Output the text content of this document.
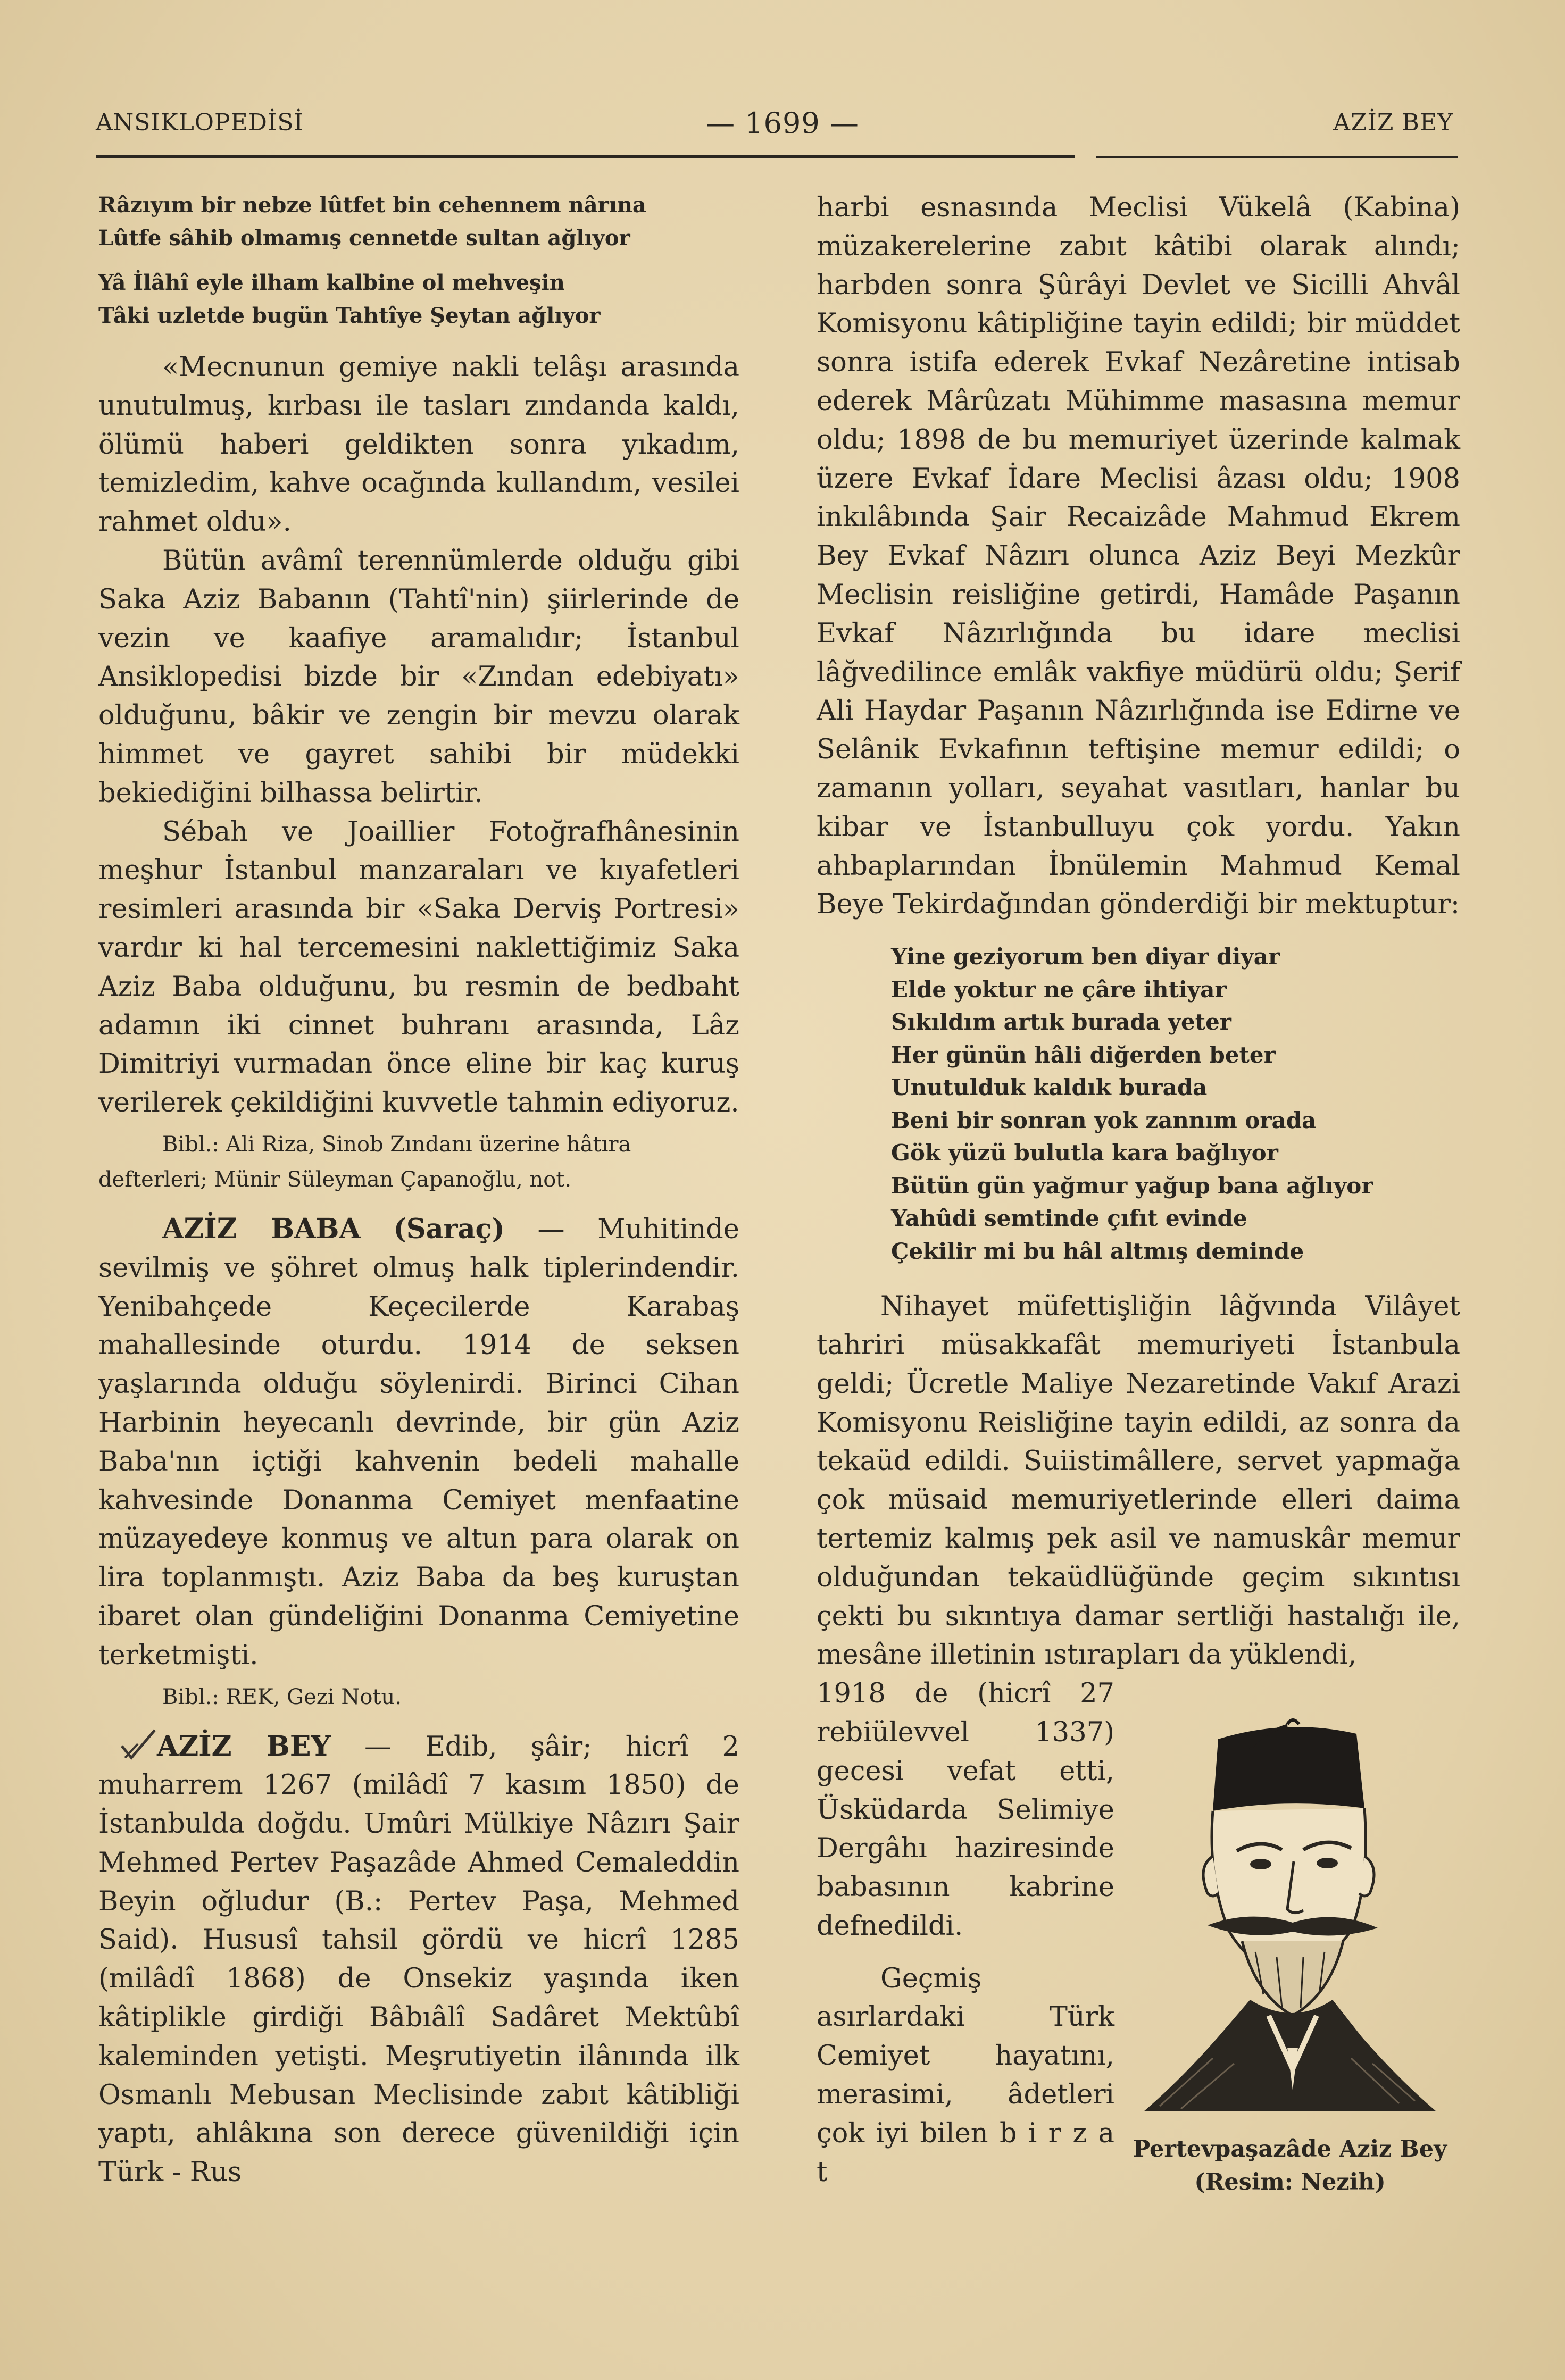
ANSIKLOPEDİSİ	— 1699 —	AZİZ BEY

Râzıyım bir nebze lûtfet bin cehennem nârına

Lûtfe sâhib olmamış cennetde sultan ağlıyor

Yâ İlâhî eyle ilham kalbine ol mehveşin

Tâki uzletde bugün Tahtîye Şeytan ağlıyor

«Mecnunun gemiye nakli telâşı arasında unutulmuş, kırbası ile tasları zındanda kaldı, ölümü haberi geldikten sonra yıkadım, temizledim, kahve ocağında kullandım, vesilei rahmet oldu».

Bütün avâmî terennümlerde olduğu gibi Saka Aziz Babanın (Tahtî'nin) şiirlerinde de vezin ve kaafiye aramalıdır; İstanbul Ansiklopedisi bizde bir «Zından edebiyatı» olduğunu, bâkir ve zengin bir mevzu olarak himmet ve gayret sahibi bir müdekki bekiediğini bilhassa belirtir.

Sébah ve Joaillier Fotoğrafhânesinin meşhur İstanbul manzaraları ve kıyafetleri resimleri arasında bir «Saka Derviş Portresi» vardır ki hal tercemesini naklettiğimiz Saka Aziz Baba olduğunu, bu resmin de bedbaht adamın iki cinnet buhranı arasında, Lâz Dimitriyi vurmadan önce eline bir kaç kuruş verilerek çekildiğini kuvvetle tahmin ediyoruz.

Bibl.: Ali Riza, Sinob Zındanı üzerine hâtıra defterleri; Münir Süleyman Çapanoğlu, not.

AZİZ BABA (Saraç) — Muhitinde sevilmiş ve şöhret olmuş halk tiplerindendir. Yenibahçede Keçecilerde Karabaş mahallesinde oturdu. 1914 de seksen yaşlarında olduğu söylenirdi. Birinci Cihan Harbinin heyecanlı devrinde, bir gün Aziz Baba'nın içtiği kahvenin bedeli mahalle kahvesinde Donanma Cemiyet menfaatine müzayedeye konmuş ve altun para olarak on lira toplanmıştı. Aziz Baba da beş kuruştan ibaret olan gündeliğini Donanma Cemiyetine terketmişti.

Bibl.: REK, Gezi Notu.

AZİZ BEY — Edib, şâir; hicrî 2 muharrem 1267 (milâdî 7 kasım 1850) de İstanbulda doğdu. Umûri Mülkiye Nâzırı Şair Mehmed Pertev Paşazâde Ahmed Cemaleddin Beyin oğludur (B.: Pertev Paşa, Mehmed Said). Hususî tahsil gördü ve hicrî 1285 (milâdî 1868) de Onsekiz yaşında iken kâtiplikle girdiği Bâbıâlî Sadâret Mektûbî kaleminden yetişti. Meşrutiyetin ilânında ilk Osmanlı Mebusan Meclisinde zabıt kâtibliği yaptı, ahlâkına son derece güvenildiği için Türk - Rus

harbi esnasında Meclisi Vükelâ (Kabina) müzakerelerine zabıt kâtibi olarak alındı; harbden sonra Şûrâyi Devlet ve Sicilli Ahvâl Komisyonu kâtipliğine tayin edildi; bir müddet sonra istifa ederek Evkaf Nezâretine intisab ederek Mârûzatı Mühimme masasına memur oldu; 1898 de bu memuriyet üzerinde kalmak üzere Evkaf İdare Meclisi âzası oldu; 1908 inkılâbında Şair Recaizâde Mahmud Ekrem Bey Evkaf Nâzırı olunca Aziz Beyi Mezkûr Meclisin reisliğine getirdi, Hamâde Paşanın Evkaf Nâzırlığında bu idare meclisi lâğvedilince emlâk vakfiye müdürü oldu; Şerif Ali Haydar Paşanın Nâzırlığında ise Edirne ve Selânik Evkafının teftişine memur edildi; o zamanın yolları, seyahat vasıtları, hanlar bu kibar ve İstanbulluyu çok yordu. Yakın ahbaplarından İbnülemin Mahmud Kemal Beye Tekirdağından gönderdiği bir mektuptur:

Yine geziyorum ben diyar diyar
Elde yoktur ne çâre ihtiyar
Sıkıldım artık burada yeter
Her günün hâli diğerden beter
Unutulduk kaldık burada
Beni bir sonran yok zannım orada
Gök yüzü bulutla kara bağlıyor
Bütün gün yağmur yağup bana ağlıyor
Yahûdi semtinde çıfıt evinde
Çekilir mi bu hâl altmış deminde

Nihayet müfettişliğin lâğvında Vilâyet tahriri müsakkafât memuriyeti İstanbula geldi; Ücretle Maliye Nezaretinde Vakıf Arazi Komisyonu Reisliğine tayin edildi, az sonra da tekaüd edildi. Suiistimâllere, servet yapmağa çok müsaid memuriyetlerinde elleri daima tertemiz kalmış pek asil ve namuskâr memur olduğundan tekaüdlüğünde geçim sıkıntısı çekti bu sıkıntıya damar sertliği hastalığı ile, mesâne illetinin ıstırapları da yüklendi,

1918 de (hicrî 27 rebiülevvel 1337) gecesi vefat etti, Üsküdarda Selimiye Dergâhı haziresinde babasının kabrine defnedildi.

Geçmiş asırlardaki Türk Cemiyet hayatını, merasimi, âdetleri çok iyi bilen b i r z a t

Pertevpaşazâde Aziz Bey
(Resim: Nezih)
